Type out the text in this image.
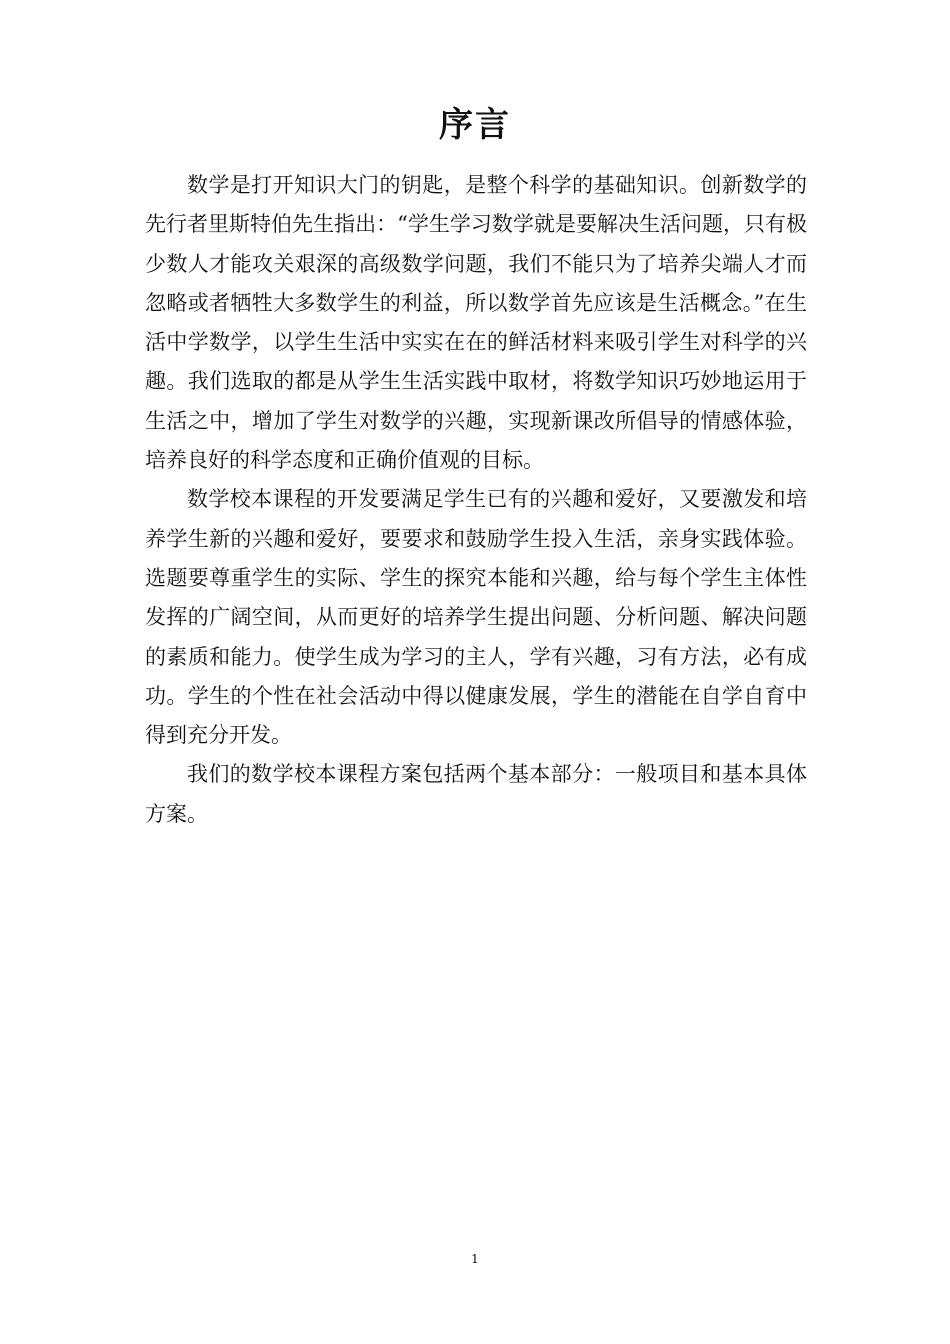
序言

数学是打开知识大门的钥匙，是整个科学的基础知识。创新数学的先行者里斯特伯先生指出：“学生学习数学就是要解决生活问题，只有极少数人才能攻关艰深的高级数学问题，我们不能只为了培养尖端人才而忽略或者牺牲大多数学生的利益，所以数学首先应该是生活概念。”在生活中学数学，以学生生活中实实在在的鲜活材料来吸引学生对科学的兴趣。我们选取的都是从学生生活实践中取材，将数学知识巧妙地运用于生活之中，增加了学生对数学的兴趣，实现新课改所倡导的情感体验，培养良好的科学态度和正确价值观的目标。

数学校本课程的开发要满足学生已有的兴趣和爱好，又要激发和培养学生新的兴趣和爱好，要要求和鼓励学生投入生活，亲身实践体验。选题要尊重学生的实际、学生的探究本能和兴趣，给与每个学生主体性发挥的广阔空间，从而更好的培养学生提出问题、分析问题、解决问题的素质和能力。使学生成为学习的主人，学有兴趣，习有方法，必有成功。学生的个性在社会活动中得以健康发展，学生的潜能在自学自育中得到充分开发。

我们的数学校本课程方案包括两个基本部分：一般项目和基本具体方案。

1
